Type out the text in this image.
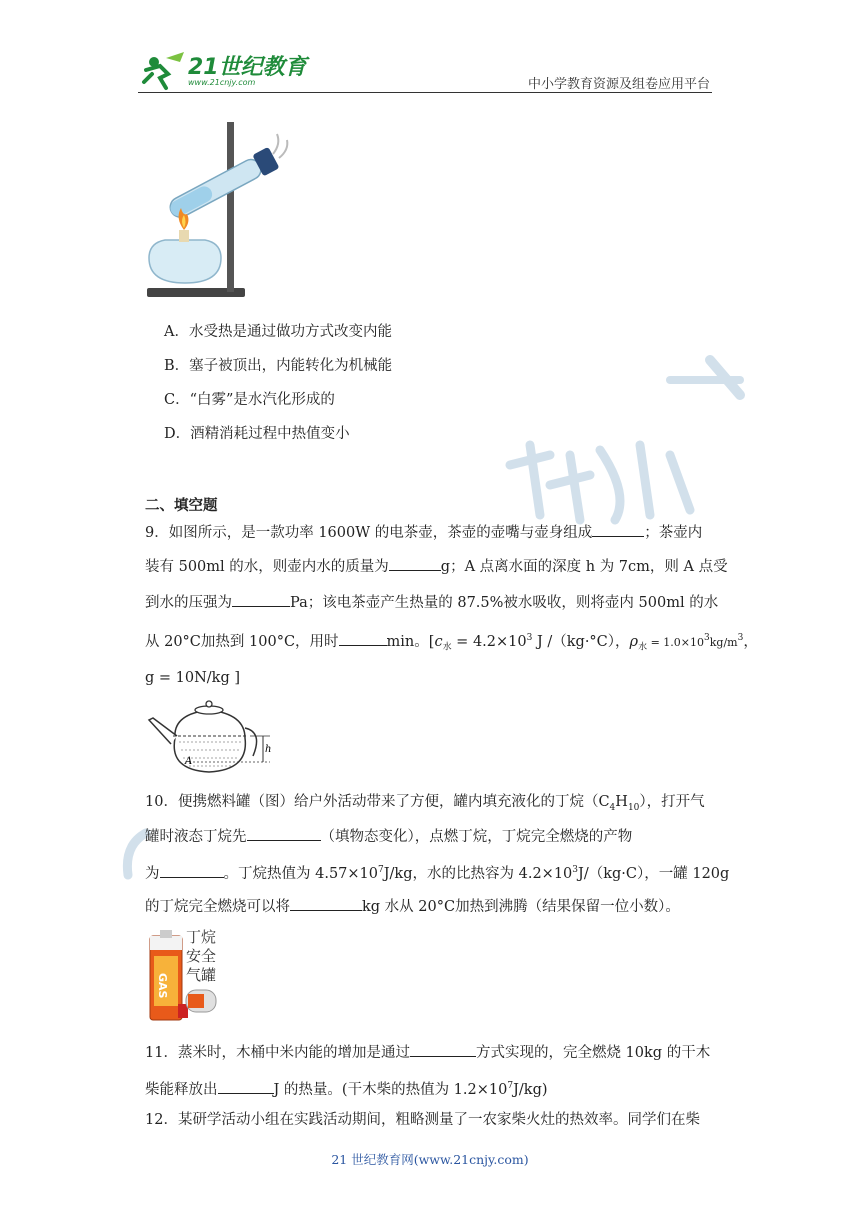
21世纪教育
www.21cnjy.com	中小学教育资源及组卷应用平台
A．水受热是通过做功方式改变内能
B．塞子被顶出，内能转化为机械能
C．“白雾”是水汽化形成的
D．酒精消耗过程中热值变小
二、填空题
9．如图所示，是一款功率 1600W 的电茶壶，茶壶的壶嘴与壶身组成	；茶壶内
装有 500ml 的水，则壶内水的质量为	g；A 点离水面的深度 h 为 7cm，则 A 点受
到水的压强为	Pa；该电茶壶产生热量的 87.5%被水吸收，则将壶内 500ml 的水
从 20°C加热到 100°C，用时	min。[$c_水 = 4.2\times 10^3$ J /（kg·°C），$\rho_水 = 1.0\times 10^3kg/m^3$，
g = 10N/kg ]
h
A
10．便携燃料罐（图）给户外活动带来了方便，罐内填充液化的丁烷$(C_4H_{10})$，打开气
罐时液态丁烷先	（填物态变化），点燃丁烷，丁烷完全燃烧的产物
为	。丁烷热值为 $4.57\times 10^7J/kg$，水的比热容为 $4.2\times 10^3J/(kg\cdot C)$，一罐 120g
的丁烷完全燃烧可以将	kg 水从 20°C加热到沸腾（结果保留一位小数）。
GAS
丁烷
安全
气罐
11．蒸米时，木桶中米内能的增加是通过	方式实现的，完全燃烧 10kg 的干木
柴能释放出	J 的热量。(干木柴的热值为 $1.2\times 10^7J/kg$)
12．某研学活动小组在实践活动期间，粗略测量了一农家柴火灶的热效率。同学们在柴
21 世纪教育网(www.21cnjy.com)
